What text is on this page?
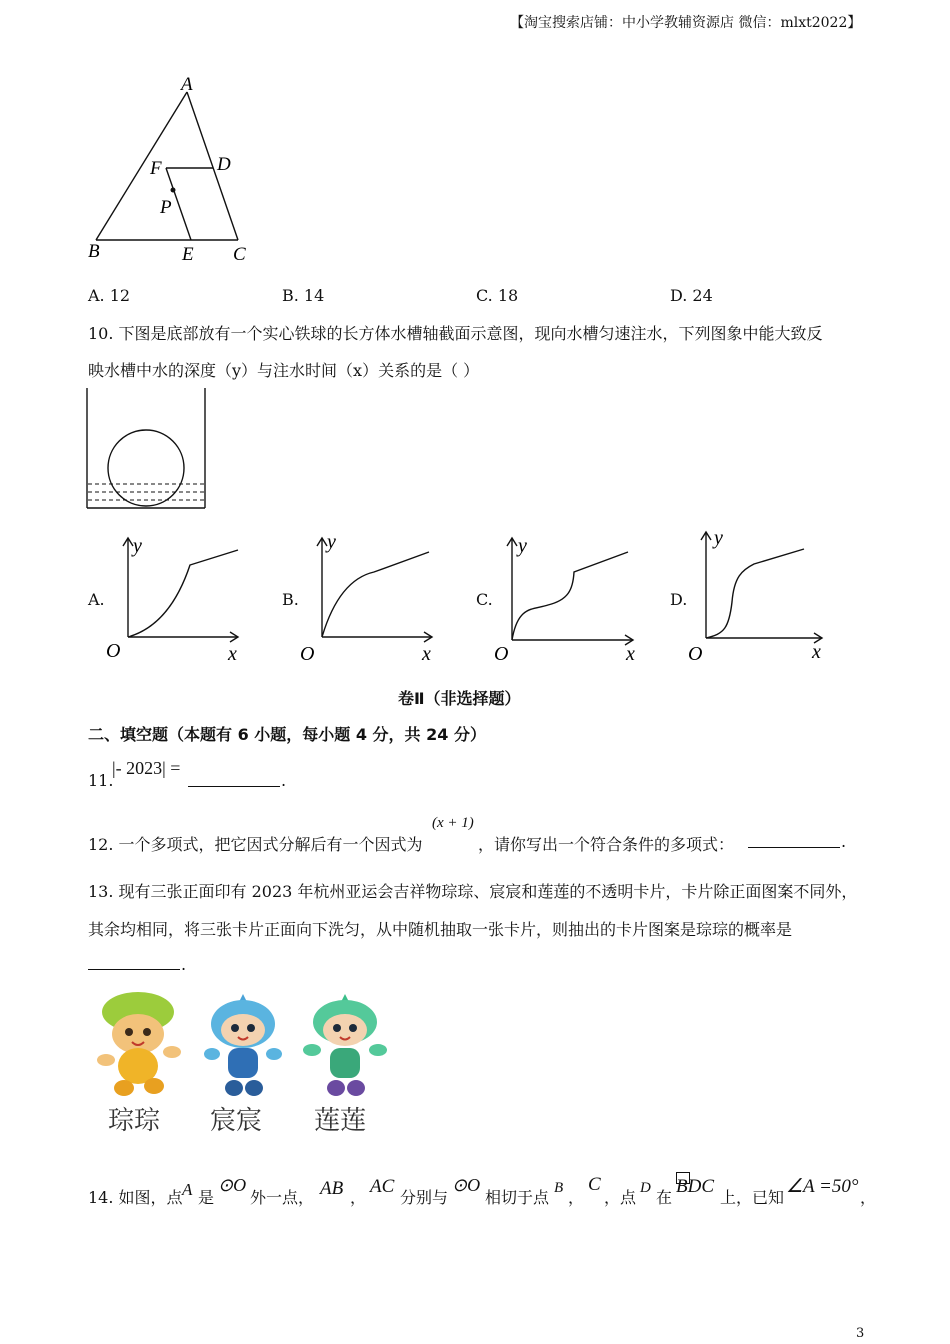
【淘宝搜索店铺：中小学教辅资源店 微信：mlxt2022】
A
D
F
P
B	E C
A. 12	B. 14	C. 18	D. 24
10. 下图是底部放有一个实心铁球的长方体水槽轴截面示意图，现向水槽匀速注水，下列图象中能大致反
映水槽中水的深度（y）与注水时间（x）关系的是（ ）
A.
y
x
O
B.
y
x
O
C.
y
x
O
D.
y
x
O
卷Ⅱ（非选择题）
二、填空题（本题有 6 小题，每小题 4 分，共 24 分）
11.
|- 2023| =
.
12. 一个多项式，把它因式分解后有一个因式为
(x + 1)
，请你写出一个符合条件的多项式：	.
13. 现有三张正面印有 2023 年杭州亚运会吉祥物琮琮、宸宸和莲莲的不透明卡片，卡片除正面图案不同外，
其余均相同，将三张卡片正面向下洗匀，从中随机抽取一张卡片，则抽出的卡片图案是琮琮的概率是
.
琮琮 宸宸 莲莲
14. 如图，点 A 是
⊙O
外一点， AB ，
AC
分别与
⊙O
相切于点 B ，
C
，点 D 在
BDC
上，已知
∠A =50°
，
3
